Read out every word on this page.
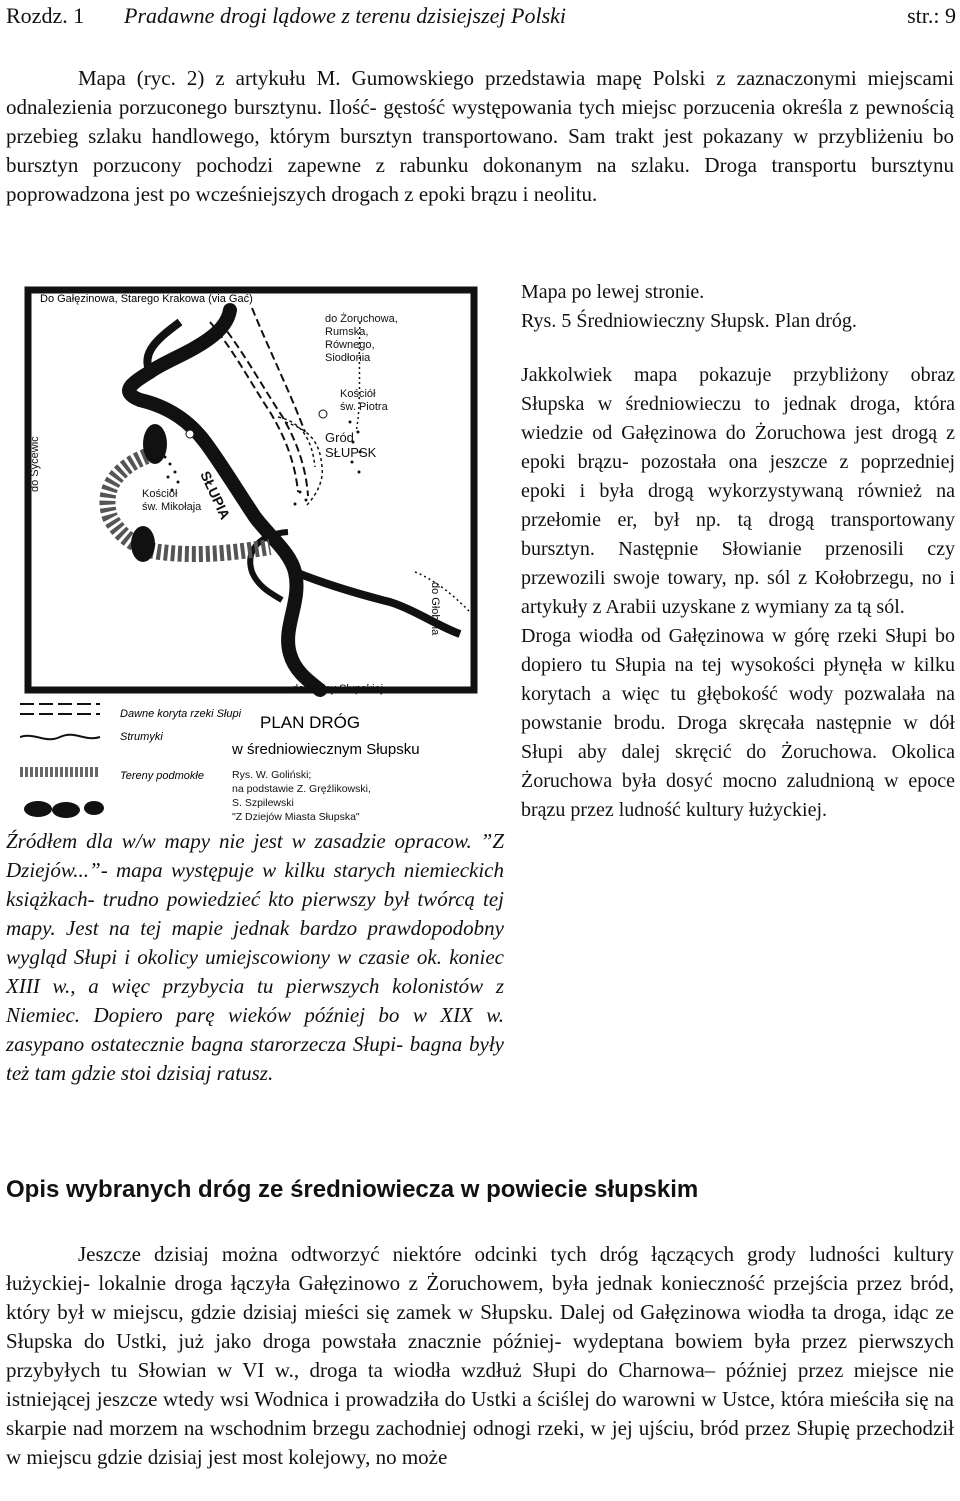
Rozdz. 1 Pradawne drogi lądowe z terenu dzisiejszej Polski	str.: 9

Mapa (ryc. 2) z artykułu M. Gumowskiego przedstawia mapę Polski z zaznaczonymi miejscami odnalezienia porzuconego bursztynu. Ilość- gęstość występowania tych miejsc porzucenia określa z pewnością przebieg szlaku handlowego, którym bursztyn transportowano. Sam trakt jest pokazany w przybliżeniu bo bursztyn porzucony pochodzi zapewne z rabunku dokonanym na szlaku. Droga transportu bursztynu poprowadzona jest po wcześniejszych drogach z epoki brązu i neolitu.

Do Gałęzinowa, Starego Krakowa (via Gać)
do Żoruchowa,
Rumska,
Równego,
Siodłonia
Kościół
św. Piotra
Gród
SŁUPSK
Kościół
św. Mikołaja
SŁUPIA
do Sycewic
do Głobina
do Krępy Słupskiej
Dawne koryta rzeki Słupi
Strumyki
Tereny podmokłe
PLAN DRÓG
w średniowiecznym Słupsku
Rys. W. Goliński;
na podstawie Z. Gręźlikowski,
S. Szpilewski
"Z Dziejów Miasta Słupska"

Źródłem dla w/w mapy nie jest w zasadzie opracow. ”Z Dziejów...”- mapa występuje w kilku starych niemieckich książkach- trudno powiedzieć kto pierwszy był twórcą tej mapy. Jest na tej mapie jednak bardzo prawdopodobny wygląd Słupi i okolicy umiejscowiony w czasie ok. koniec XIII w., a więc przybycia tu pierwszych kolonistów z Niemiec. Dopiero parę wieków później bo w XIX w. zasypano ostatecznie bagna starorzecza Słupi- bagna były też tam gdzie stoi dzisiaj ratusz.

Mapa po lewej stronie.

Rys. 5 Średniowieczny Słupsk. Plan dróg.

Jakkolwiek mapa pokazuje przybliżony obraz Słupska w średniowieczu to jednak droga, która wiedzie od Gałęzinowa do Żoruchowa jest drogą z epoki brązu- pozostała ona jeszcze z poprzedniej epoki i była drogą wykorzystywaną również na przełomie er, był np. tą drogą transportowany bursztyn. Następnie Słowianie przenosili czy przewozili swoje towary, np. sól z Kołobrzegu, no i artykuły z Arabii uzyskane z wymiany za tą sól.

Droga wiodła od Gałęzinowa w górę rzeki Słupi bo dopiero tu Słupia na tej wysokości płynęła w kilku korytach a więc tu głębokość wody pozwalała na powstanie brodu. Droga skręcała następnie w dół Słupi aby dalej skręcić do Żoruchowa. Okolica Żoruchowa była dosyć mocno zaludnioną w epoce brązu przez ludność kultury łużyckiej.

Opis wybranych dróg ze średniowiecza w powiecie słupskim

Jeszcze dzisiaj można odtworzyć niektóre odcinki tych dróg łączących grody ludności kultury łużyckiej- lokalnie droga łączyła Gałęzinowo z Żoruchowem, była jednak konieczność przejścia przez bród, który był w miejscu, gdzie dzisiaj mieści się zamek w Słupsku. Dalej od Gałęzinowa wiodła ta droga, idąc ze Słupska do Ustki, już jako droga powstała znacznie później- wydeptana bowiem była przez pierwszych przybyłych tu Słowian w VI w., droga ta wiodła wzdłuż Słupi do Charnowa– później przez miejsce nie istniejącej jeszcze wtedy wsi Wodnica i prowadziła do Ustki a ściślej do warowni w Ustce, która mieściła się na skarpie nad morzem na wschodnim brzegu zachodniej odnogi rzeki, w jej ujściu, bród przez Słupię przechodził w miejscu gdzie dzisiaj jest most kolejowy, no może
